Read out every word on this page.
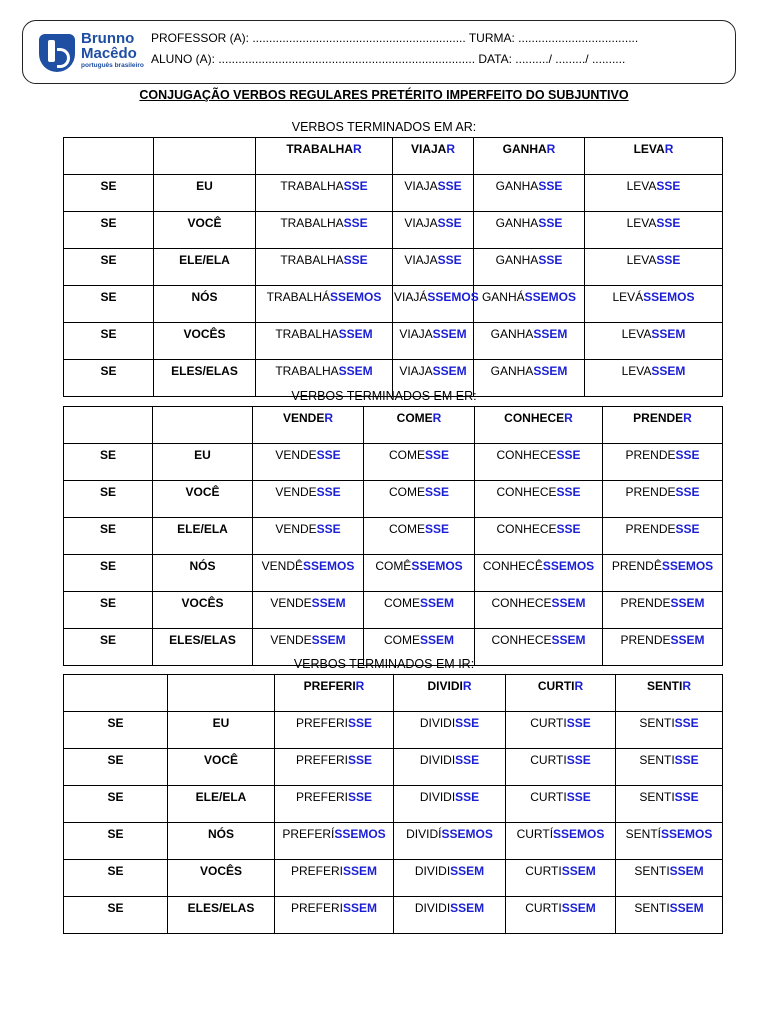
Brunno
Macêdo
português brasileiro
PROFESSOR (A): ................................................................ TURMA: ....................................
ALUNO (A): ............................................................................. DATA: ........../ ........./ ..........
CONJUGAÇÃO VERBOS REGULARES PRETÉRITO IMPERFEITO DO SUBJUNTIVO
VERBOS TERMINADOS EM AR:
		TRABALHAR	VIAJAR	GANHAR	LEVAR
SE	EU	TRABALHASSE	VIAJASSE	GANHASSE	LEVASSE
SE	VOCÊ	TRABALHASSE	VIAJASSE	GANHASSE	LEVASSE
SE	ELE/ELA	TRABALHASSE	VIAJASSE	GANHASSE	LEVASSE
SE	NÓS	TRABALHÁSSEMOS	VIAJÁSSEMOS	GANHÁSSEMOS	LEVÁSSEMOS
SE	VOCÊS	TRABALHASSEM	VIAJASSEM	GANHASSEM	LEVASSEM
SE	ELES/ELAS	TRABALHASSEM	VIAJASSEM	GANHASSEM	LEVASSEM
VERBOS TERMINADOS EM ER:
		VENDER	COMER	CONHECER	PRENDER
SE	EU	VENDESSE	COMESSE	CONHECESSE	PRENDESSE
SE	VOCÊ	VENDESSE	COMESSE	CONHECESSE	PRENDESSE
SE	ELE/ELA	VENDESSE	COMESSE	CONHECESSE	PRENDESSE
SE	NÓS	VENDÊSSEMOS	COMÊSSEMOS	CONHECÊSSEMOS	PRENDÊSSEMOS
SE	VOCÊS	VENDESSEM	COMESSEM	CONHECESSEM	PRENDESSEM
SE	ELES/ELAS	VENDESSEM	COMESSEM	CONHECESSEM	PRENDESSEM
VERBOS TERMINADOS EM IR:
		PREFERIR	DIVIDIR	CURTIR	SENTIR
SE	EU	PREFERISSE	DIVIDISSE	CURTISSE	SENTISSE
SE	VOCÊ	PREFERISSE	DIVIDISSE	CURTISSE	SENTISSE
SE	ELE/ELA	PREFERISSE	DIVIDISSE	CURTISSE	SENTISSE
SE	NÓS	PREFERÍSSEMOS	DIVIDÍSSEMOS	CURTÍSSEMOS	SENTÍSSEMOS
SE	VOCÊS	PREFERISSEM	DIVIDISSEM	CURTISSEM	SENTISSEM
SE	ELES/ELAS	PREFERISSEM	DIVIDISSEM	CURTISSEM	SENTISSEM
